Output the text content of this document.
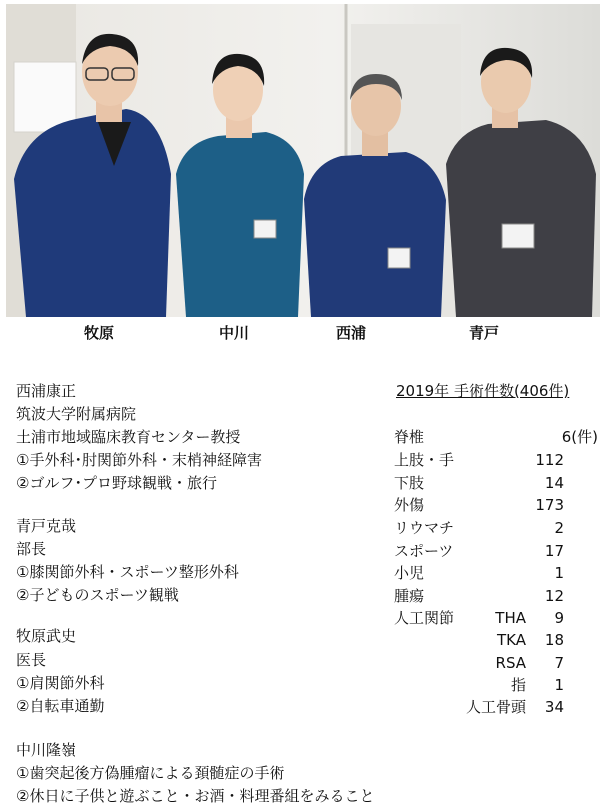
牧原	中川	西浦	青戸
西浦康正
筑波大学附属病院
土浦市地域臨床教育センター教授
①手外科･肘関節外科・末梢神経障害
②ゴルフ･プロ野球観戦・旅行
青戸克哉
部長
①膝関節外科・スポーツ整形外科
②子どものスポーツ観戦
牧原武史
医長
①肩関節外科
②自転車通勤
中川隆嶺
①歯突起後方偽腫瘤による頚髄症の手術
②休日に子供と遊ぶこと・お酒・料理番組をみること
2019年 手術件数(406件)
脊椎	6(件)
上肢・手	112
下肢	14
外傷	173
リウマチ	2
スポーツ	17
小児	1
腫瘍	12
人工関節	THA 9
TKA 18
RSA 7
指 1
人工骨頭 34
